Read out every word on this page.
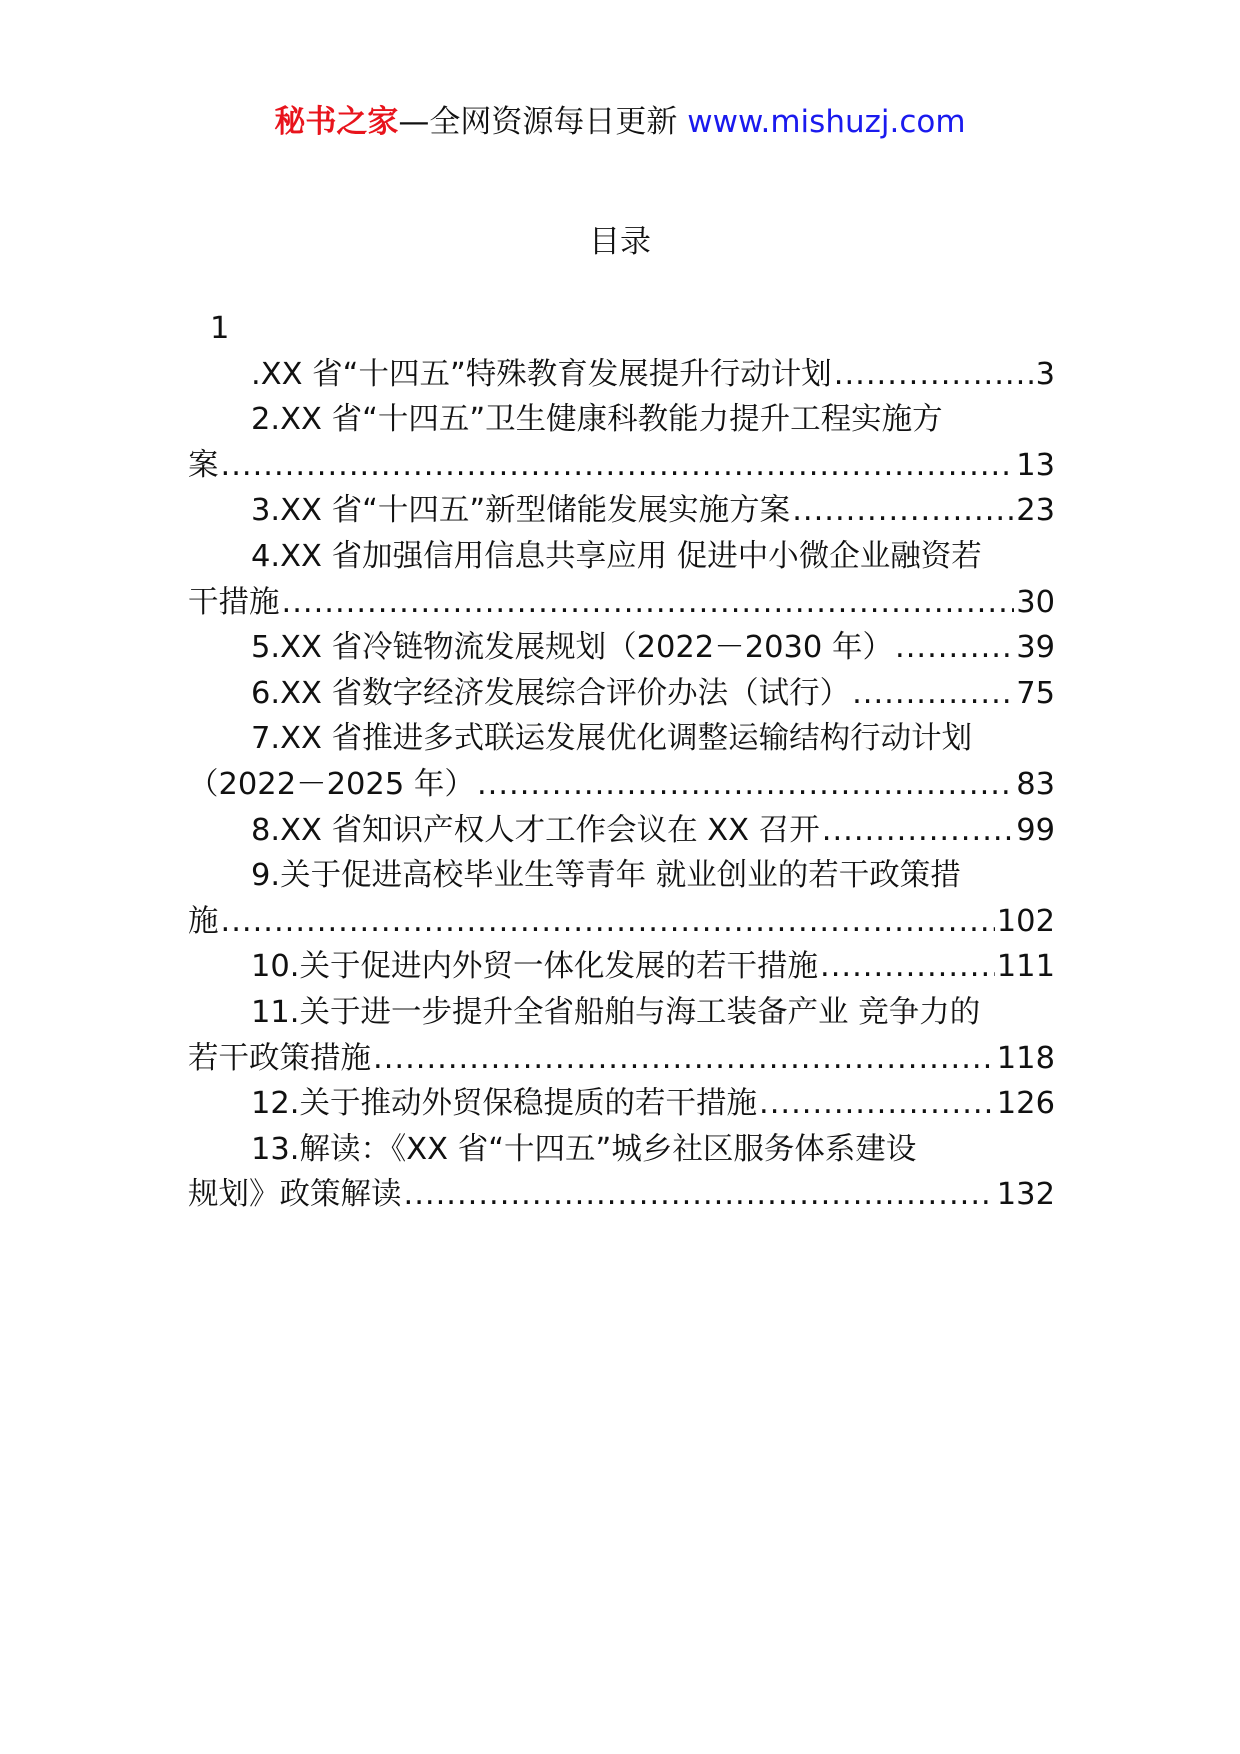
秘书之家—全网资源每日更新 www.mishuzj.com
目录
1
.XX 省“十四五”特殊教育发展提升行动计划 .....	3
2.XX 省“十四五”卫生健康科教能力提升工程实施方
案 .....	13
3.XX 省“十四五”新型储能发展实施方案 .....	23
4.XX 省加强信用信息共享应用 促进中小微企业融资若
干措施 .....	30
5.XX 省冷链物流发展规划（2022－2030 年） .....	39
6.XX 省数字经济发展综合评价办法（试行） .....	75
7.XX 省推进多式联运发展优化调整运输结构行动计划
（2022－2025 年） .....	83
8.XX 省知识产权人才工作会议在 XX 召开 .....	99
9.关于促进高校毕业生等青年 就业创业的若干政策措
施 .....	102
10.关于促进内外贸一体化发展的若干措施 .....	111
11.关于进一步提升全省船舶与海工装备产业 竞争力的
若干政策措施 .....	118
12.关于推动外贸保稳提质的若干措施 .....	126
13.解读：《XX 省“十四五”城乡社区服务体系建设
规划》政策解读 .....	132
